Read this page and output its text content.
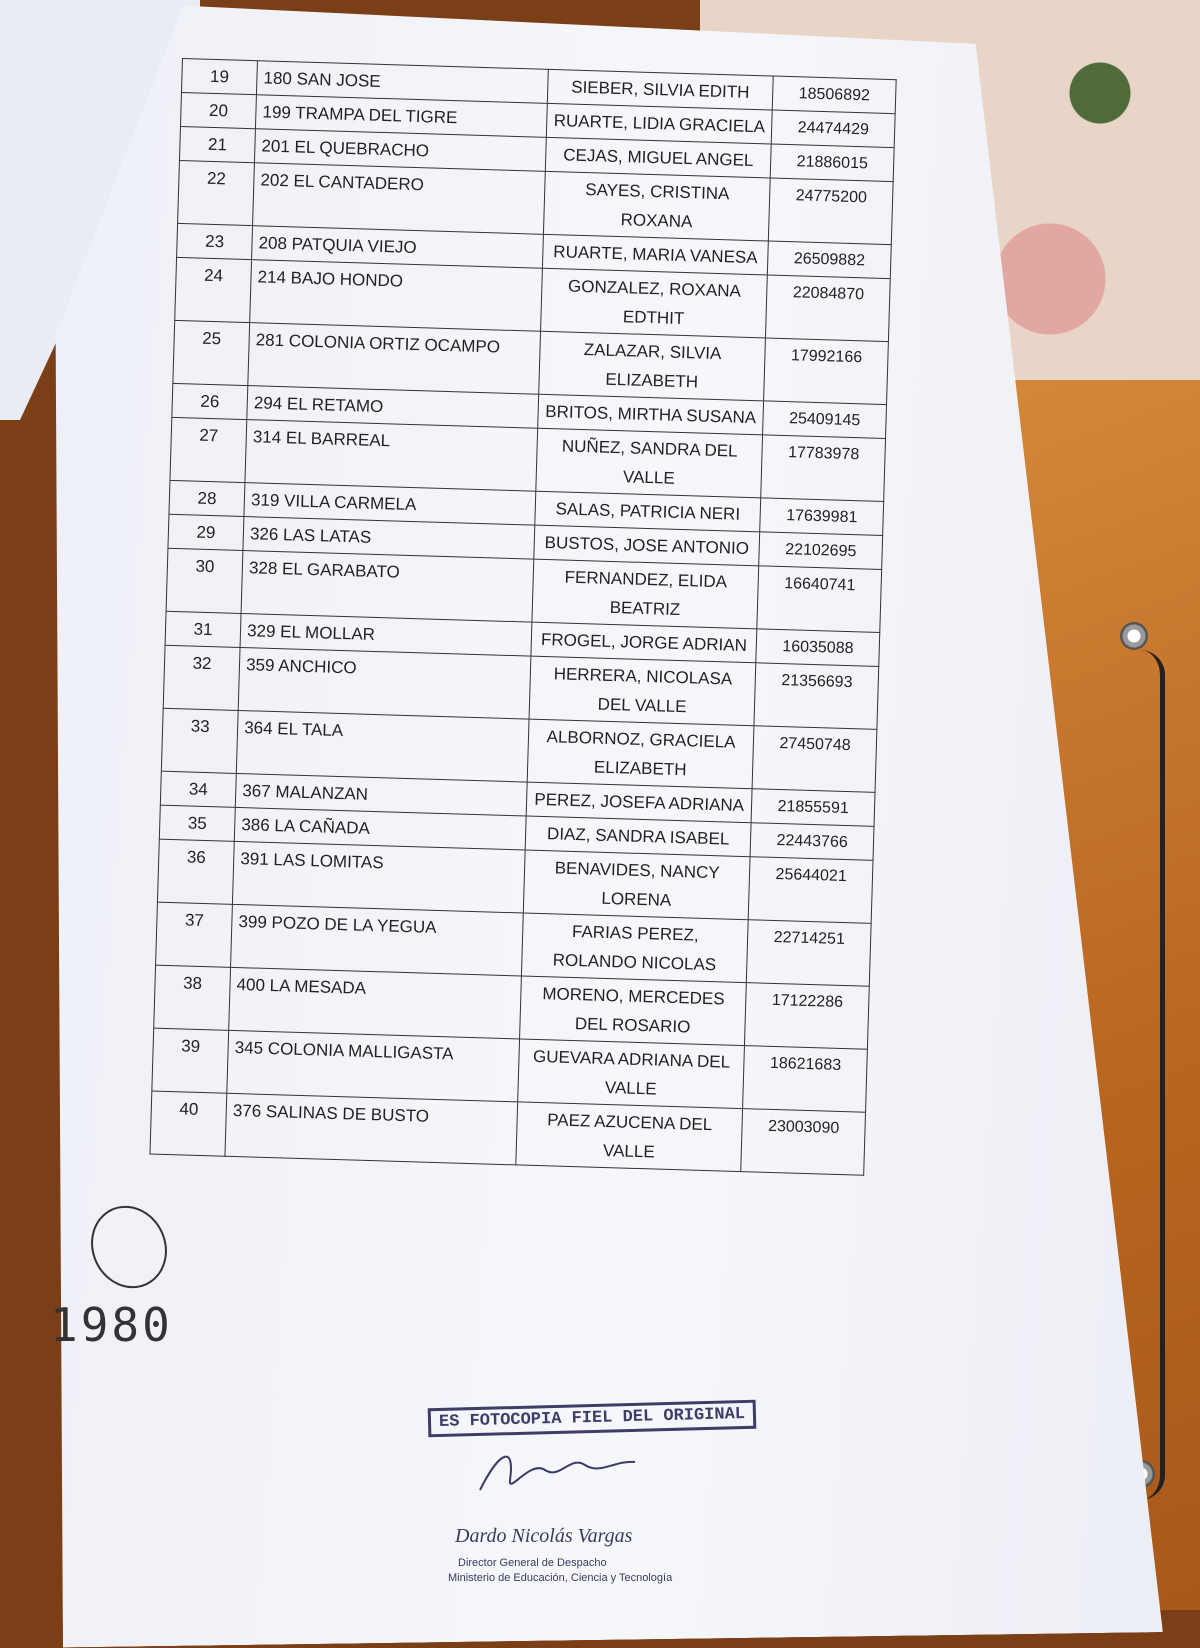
19	180 SAN JOSE	SIEBER, SILVIA EDITH	18506892
20	199 TRAMPA DEL TIGRE	RUARTE, LIDIA GRACIELA	24474429
21	201 EL QUEBRACHO	CEJAS, MIGUEL ANGEL	21886015
22	202 EL CANTADERO	SAYES, CRISTINA ROXANA	24775200
23	208 PATQUIA VIEJO	RUARTE, MARIA VANESA	26509882
24	214 BAJO HONDO	GONZALEZ, ROXANA EDTHIT	22084870
25	281 COLONIA ORTIZ OCAMPO	ZALAZAR, SILVIA ELIZABETH	17992166
26	294 EL RETAMO	BRITOS, MIRTHA SUSANA	25409145
27	314 EL BARREAL	NUÑEZ, SANDRA DEL VALLE	17783978
28	319 VILLA CARMELA	SALAS, PATRICIA NERI	17639981
29	326 LAS LATAS	BUSTOS, JOSE ANTONIO	22102695
30	328 EL GARABATO	FERNANDEZ, ELIDA BEATRIZ	16640741
31	329 EL MOLLAR	FROGEL, JORGE ADRIAN	16035088
32	359 ANCHICO	HERRERA, NICOLASA DEL VALLE	21356693
33	364 EL TALA	ALBORNOZ, GRACIELA ELIZABETH	27450748
34	367 MALANZAN	PEREZ, JOSEFA ADRIANA	21855591
35	386 LA CAÑADA	DIAZ, SANDRA ISABEL	22443766
36	391 LAS LOMITAS	BENAVIDES, NANCY LORENA	25644021
37	399 POZO DE LA YEGUA	FARIAS PEREZ, ROLANDO NICOLAS	22714251
38	400 LA MESADA	MORENO, MERCEDES DEL ROSARIO	17122286
39	345 COLONIA MALLIGASTA	GUEVARA ADRIANA DEL VALLE	18621683
40	376 SALINAS DE BUSTO	PAEZ AZUCENA DEL VALLE	23003090
1980
ES FOTOCOPIA FIEL DEL ORIGINAL
Dardo Nicolás Vargas
Director General de Despacho
Ministerio de Educación, Ciencia y Tecnología
